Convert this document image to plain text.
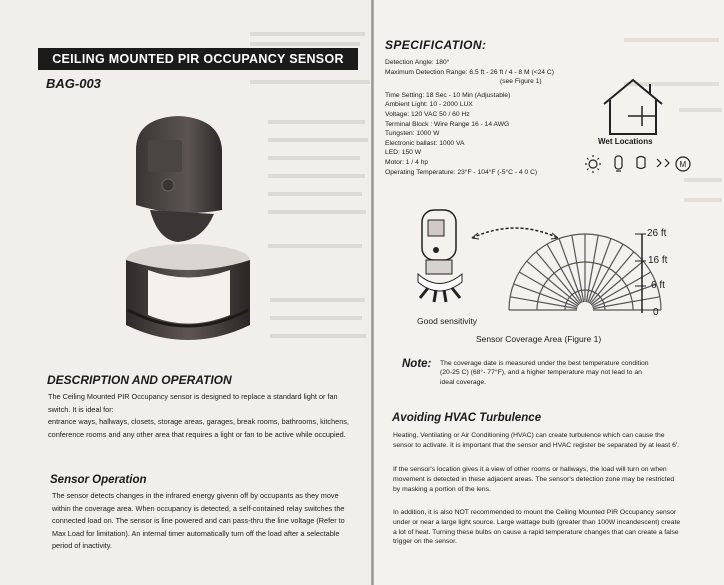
CEILING MOUNTED PIR OCCUPANCY SENSOR
BAG-003
DESCRIPTION AND OPERATION
The Ceiling Mounted PIR Occupancy sensor is designed to replace a standard light or fan
switch. It is ideal for:
entrance ways, hallways, closets, storage areas, garages, break rooms, bathrooms, kitchens,
conference rooms and any other area that requires a light or fan to be active while occupied.
Sensor Operation
The sensor detects changes in the infrared energy givenn off by occupants as they move
within the coverage area. When occupancy is detected, a self-contained relay switches the
connected load on. The sensor is line powered and can pass-thru the line voltage (Refer to
Max Load for limitation). An internal timer automatically turn off the load after a selectable
period of inactivity.
SPECIFICATION:
Detection Angle: 180°
Maximum Detection Range: 6.5 ft - 26 ft / 4 - 8 M (<24 C)
(see Figure 1)
Time Setting: 18 Sec - 10 Min (Adjustable)
Ambient Light: 10 - 2000 LUX
Voltage: 120 VAC 50 / 60 Hz
Terminal Block : Wire Range 16 - 14 AWG
Tungsten: 1000 W
Electronic ballast: 1000 VA
LED: 150 W
Motor: 1 / 4 hp
Operating Temperature: 23°F - 104°F (-5°C - 4 0 C)
Wet Locations
M
26 ft
16 ft
6 ft
0
Good sensitivity
Sensor Coverage Area (Figure 1)
Note: The coverage date is measured under the best temperature condition
(20-25 C) (68°- 77°F), and a higher temperature may not lead to an
ideal coverage.
Avoiding HVAC Turbulence
Heating, Ventilating or Air Conditioning (HVAC) can create turbulence which can cause the
sensor to activate. It is important that the sensor and HVAC register be separated by at least 6'.
If the sensor's location gives it a view of other rooms or hallways, the load will turn on when
movement is detected in these adjacent areas. The sensor's detection zone may be restricted
by masking a portion of the lens.
In addition, it is also NOT recommended to mount the Ceiling Mounted PIR Occupancy sensor
under or near a large light source. Large wattage bulb (greater than 100W incandescent) create
a lot of heat. Turning these bulbs on cause a rapid temperature changes that can create a false
trigger on the sensor.
